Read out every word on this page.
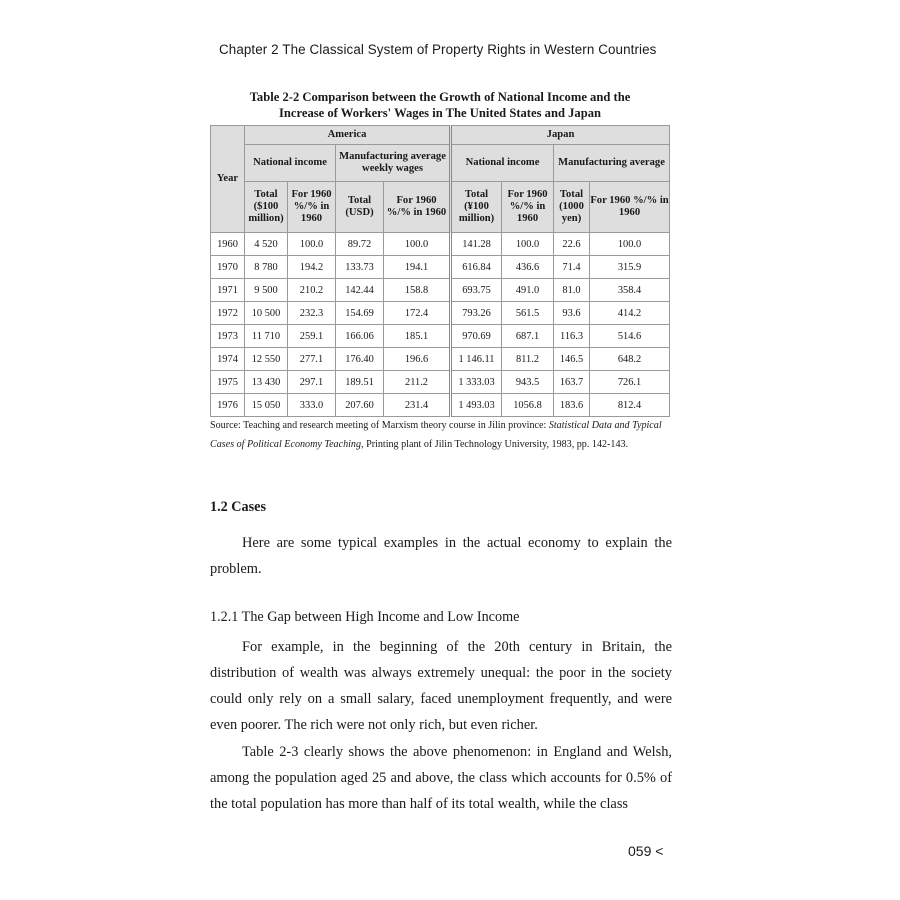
Chapter 2 The Classical System of Property Rights in Western Countries
Table 2-2 Comparison between the Growth of National Income and the
Increase of Workers' Wages in The United States and Japan
Year	America				Japan			
	National income		Manufacturing average weekly wages		National income		Manufacturing average	
	Total ($100 million)	For 1960 %/% in 1960	Total (USD)	For 1960 %/% in 1960	Total (¥100 million)	For 1960 %/% in 1960	Total (1000 yen)	For 1960 %/% in 1960
1960	4 520	100.0	89.72	100.0	141.28	100.0	22.6	100.0
1970	8 780	194.2	133.73	194.1	616.84	436.6	71.4	315.9
1971	9 500	210.2	142.44	158.8	693.75	491.0	81.0	358.4
1972	10 500	232.3	154.69	172.4	793.26	561.5	93.6	414.2
1973	11 710	259.1	166.06	185.1	970.69	687.1	116.3	514.6
1974	12 550	277.1	176.40	196.6	1 146.11	811.2	146.5	648.2
1975	13 430	297.1	189.51	211.2	1 333.03	943.5	163.7	726.1
1976	15 050	333.0	207.60	231.4	1 493.03	1056.8	183.6	812.4
Source: Teaching and research meeting of Marxism theory course in Jilin province: Statistical Data and Typical Cases of Political Economy Teaching, Printing plant of Jilin Technology University, 1983, pp. 142-143.
1.2 Cases
Here are some typical examples in the actual economy to explain the problem.
1.2.1 The Gap between High Income and Low Income
For example, in the beginning of the 20th century in Britain, the distribution of wealth was always extremely unequal: the poor in the society could only rely on a small salary, faced unemployment frequently, and were even poorer. The rich were not only rich, but even richer.
Table 2-3 clearly shows the above phenomenon: in England and Welsh, among the population aged 25 and above, the class which accounts for 0.5% of the total population has more than half of its total wealth, while the class
059 <
